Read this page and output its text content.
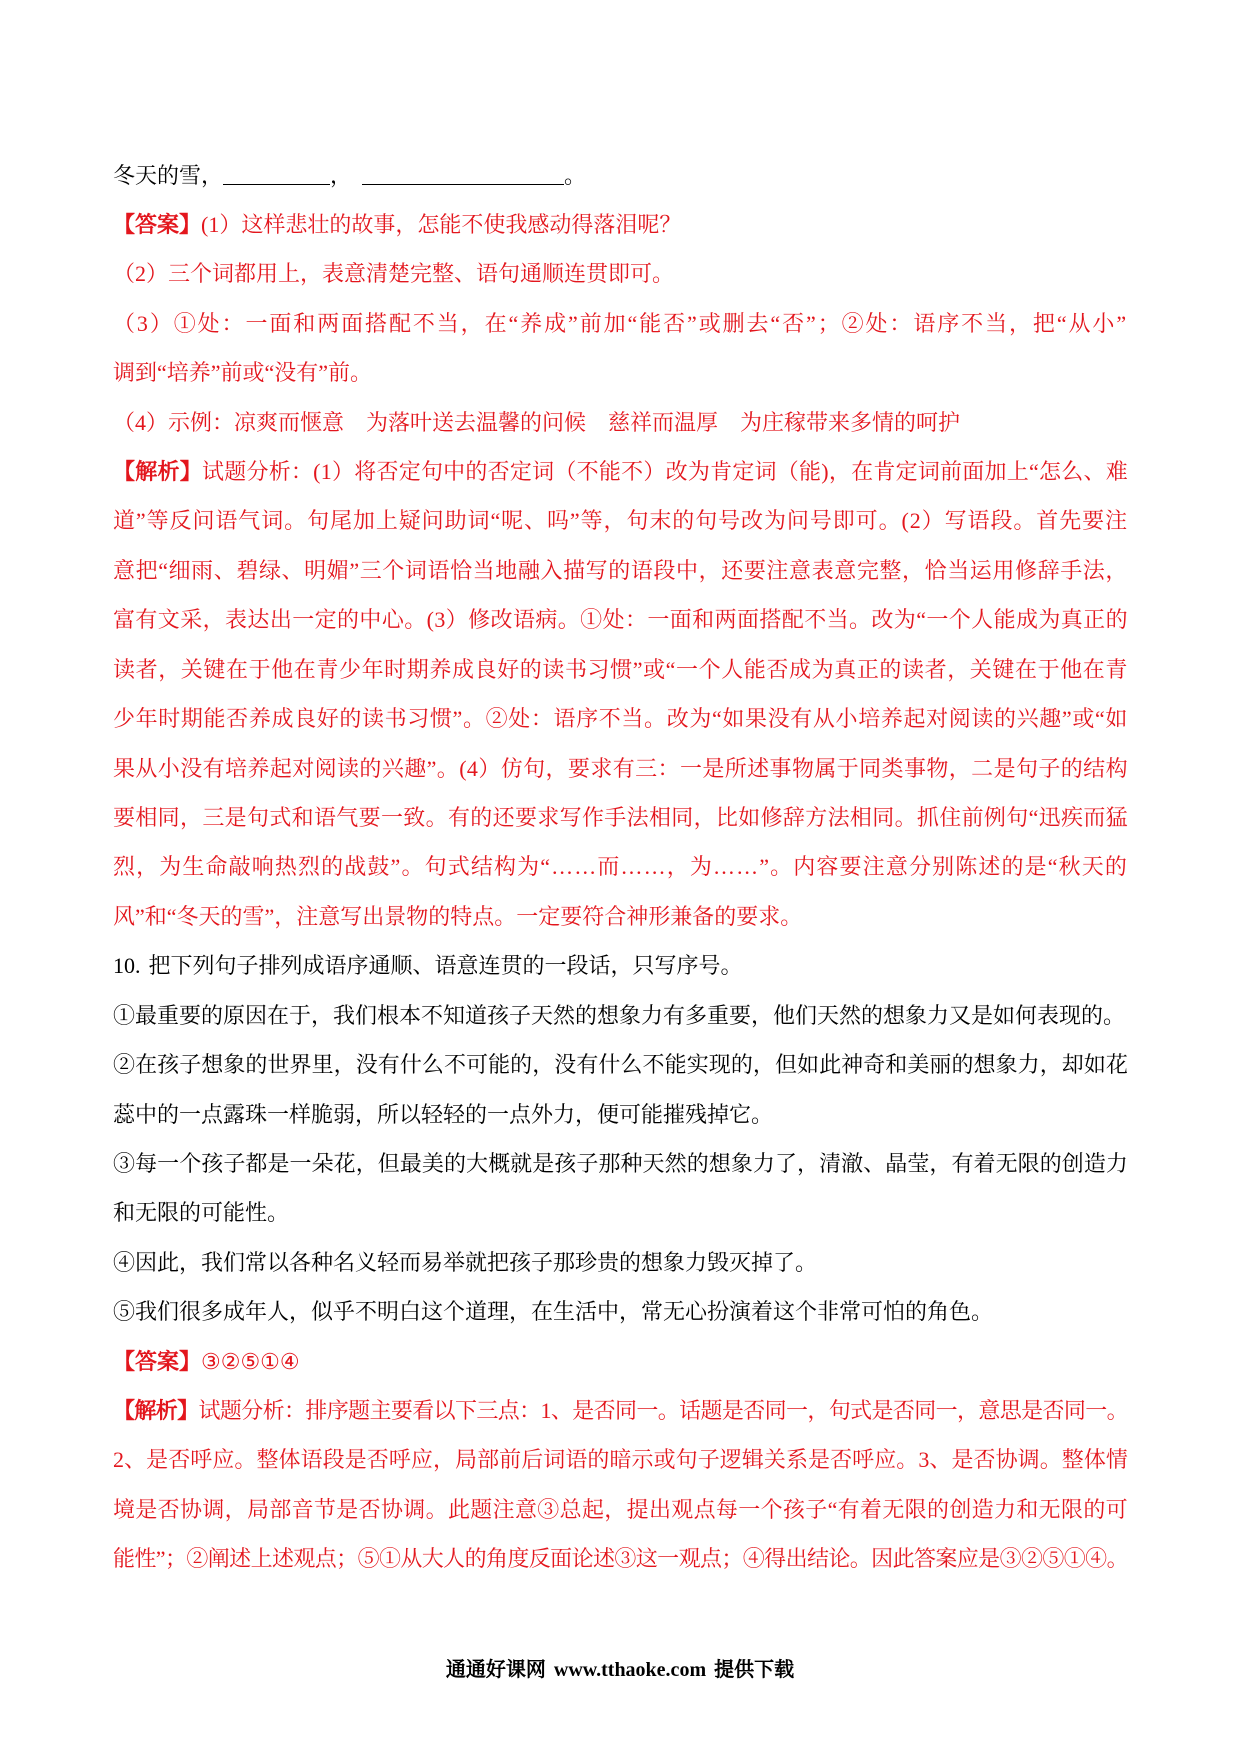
冬天的雪，	，	。
【答案】(1）这样悲壮的故事，怎能不使我感动得落泪呢？
（2）三个词都用上，表意清楚完整、语句通顺连贯即可。
（3）①处：一面和两面搭配不当，在“养成”前加“能否”或删去“否”；②处：语序不当，把“从小”
调到“培养”前或“没有”前。
（4）示例：凉爽而惬意　为落叶送去温馨的问候　慈祥而温厚　为庄稼带来多情的呵护
【解析】试题分析：(1）将否定句中的否定词（不能不）改为肯定词（能)，在肯定词前面加上“怎么、难
道”等反问语气词。句尾加上疑问助词“呢、吗”等，句末的句号改为问号即可。(2）写语段。首先要注
意把“细雨、碧绿、明媚”三个词语恰当地融入描写的语段中，还要注意表意完整，恰当运用修辞手法，
富有文采，表达出一定的中心。(3）修改语病。①处：一面和两面搭配不当。改为“一个人能成为真正的
读者，关键在于他在青少年时期养成良好的读书习惯”或“一个人能否成为真正的读者，关键在于他在青
少年时期能否养成良好的读书习惯”。②处：语序不当。改为“如果没有从小培养起对阅读的兴趣”或“如
果从小没有培养起对阅读的兴趣”。(4）仿句，要求有三：一是所述事物属于同类事物，二是句子的结构
要相同，三是句式和语气要一致。有的还要求写作手法相同，比如修辞方法相同。抓住前例句“迅疾而猛
烈，为生命敲响热烈的战鼓”。句式结构为“……而……，为……”。内容要注意分别陈述的是“秋天的
风”和“冬天的雪”，注意写出景物的特点。一定要符合神形兼备的要求。
10. 把下列句子排列成语序通顺、语意连贯的一段话，只写序号。
①最重要的原因在于，我们根本不知道孩子天然的想象力有多重要，他们天然的想象力又是如何表现的。
②在孩子想象的世界里，没有什么不可能的，没有什么不能实现的，但如此神奇和美丽的想象力，却如花
蕊中的一点露珠一样脆弱，所以轻轻的一点外力，便可能摧残掉它。
③每一个孩子都是一朵花，但最美的大概就是孩子那种天然的想象力了，清澈、晶莹，有着无限的创造力
和无限的可能性。
④因此，我们常以各种名义轻而易举就把孩子那珍贵的想象力毁灭掉了。
⑤我们很多成年人，似乎不明白这个道理，在生活中，常无心扮演着这个非常可怕的角色。
【答案】③②⑤①④
【解析】试题分析：排序题主要看以下三点：1、是否同一。话题是否同一，句式是否同一，意思是否同一。
2、是否呼应。整体语段是否呼应，局部前后词语的暗示或句子逻辑关系是否呼应。3、是否协调。整体情
境是否协调，局部音节是否协调。此题注意③总起，提出观点每一个孩子“有着无限的创造力和无限的可
能性”；②阐述上述观点；⑤①从大人的角度反面论述③这一观点；④得出结论。因此答案应是③②⑤①④。
通通好课网 www.tthaoke.com 提供下载
